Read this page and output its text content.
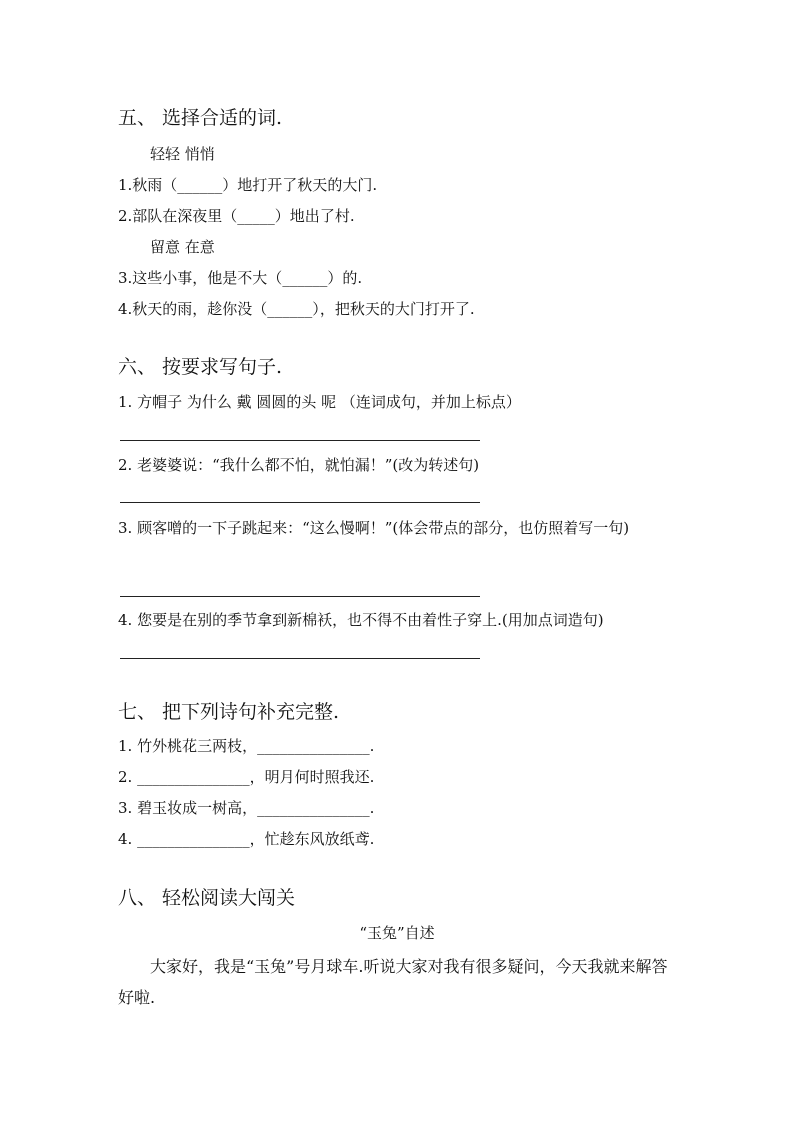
五、 选择合适的词.
轻轻 悄悄
1.秋雨（______）地打开了秋天的大门.
2.部队在深夜里（_____）地出了村.
留意 在意
3.这些小事，他是不大（______）的.
4.秋天的雨，趁你没（______），把秋天的大门打开了.
六、 按要求写句子.
1. 方帽子 为什么 戴 圆圆的头 呢 （连词成句，并加上标点）
2. 老婆婆说：“我什么都不怕，就怕漏！”(改为转述句)
3. 顾客噌的一下子跳起来：“这么慢啊！”(体会带点的部分，也仿照着写一句)
4. 您要是在别的季节拿到新棉袄，也不得不由着性子穿上.(用加点词造句)
七、 把下列诗句补充完整.
1. 竹外桃花三两枝，_______________.
2. _______________，明月何时照我还.
3. 碧玉妆成一树高，_______________.
4. _______________，忙趁东风放纸鸢.
八、 轻松阅读大闯关
“玉兔”自述
大家好，我是“玉兔”号月球车.听说大家对我有很多疑问，今天我就来解答好啦.
